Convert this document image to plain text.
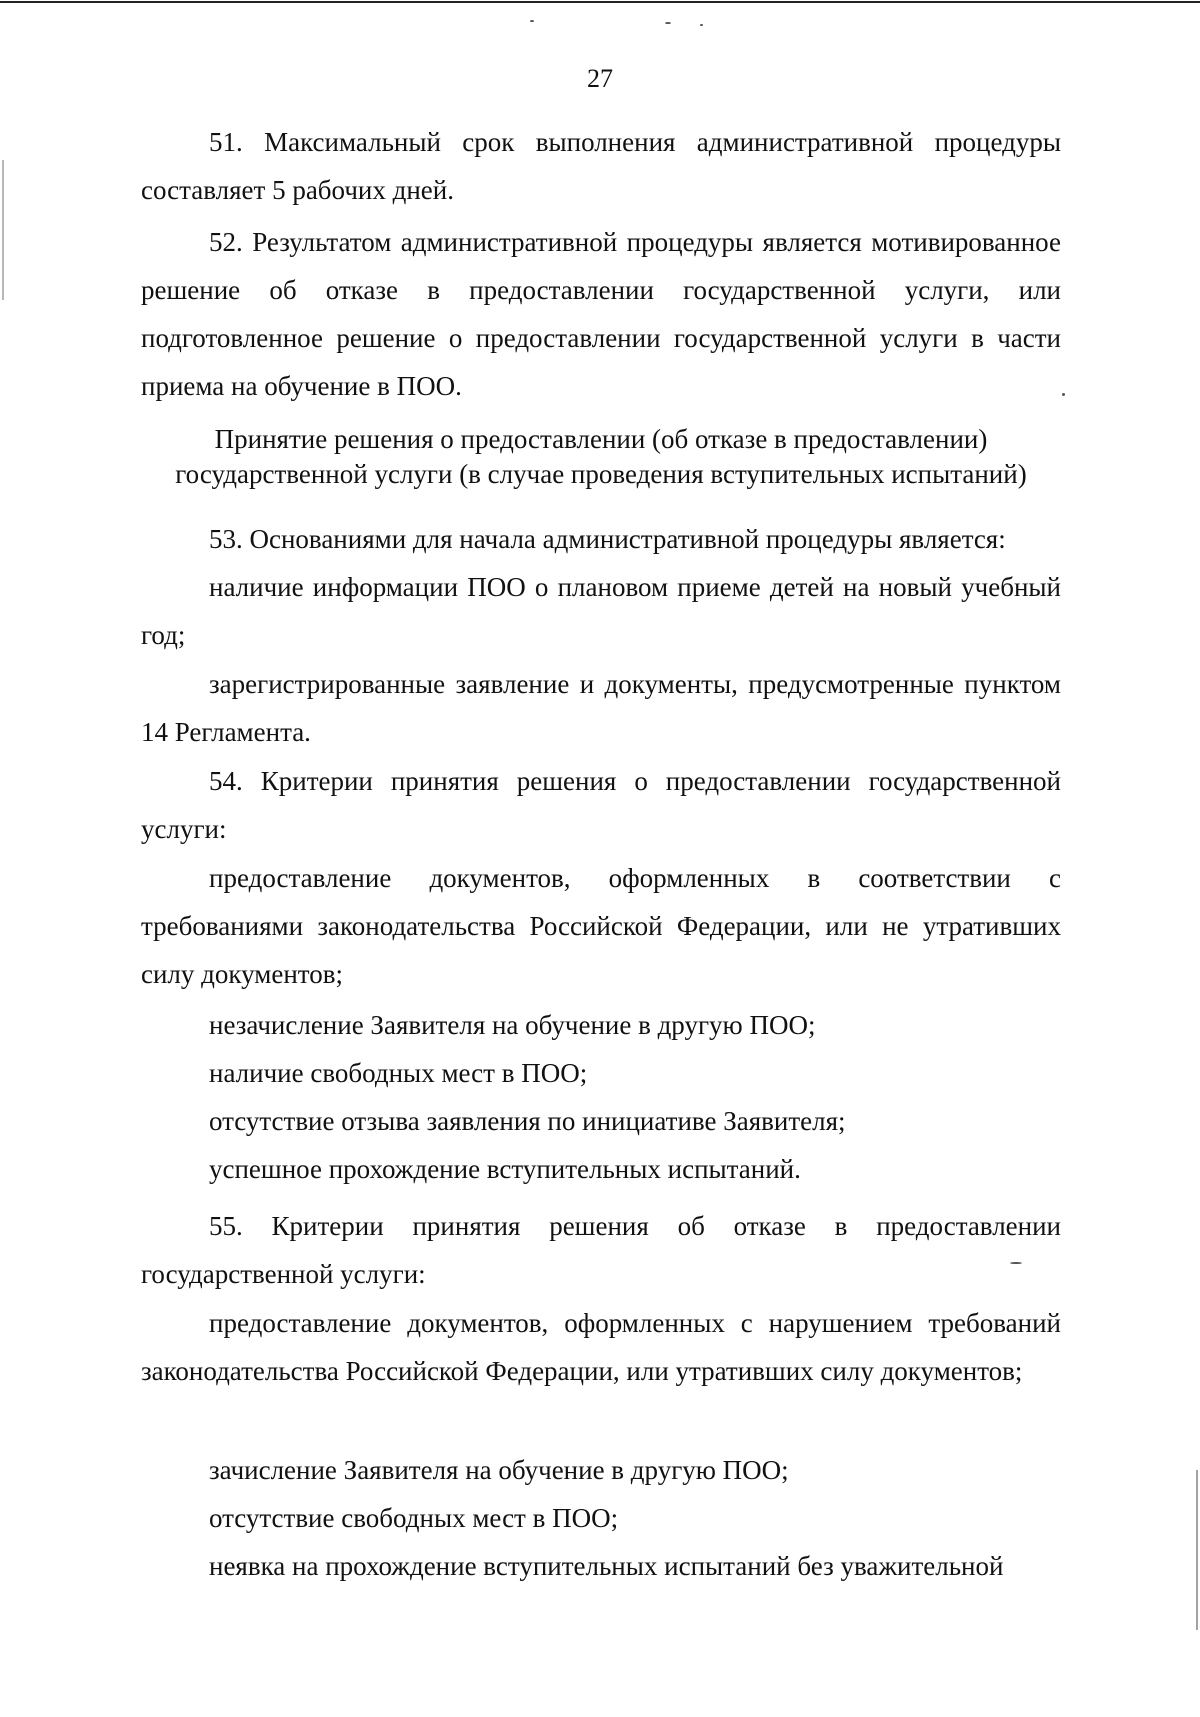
27

51. Максимальный срок выполнения административной процедуры составляет 5 рабочих дней.

52. Результатом административной процедуры является мотивированное решение об отказе в предоставлении государственной услуги, или подготовленное решение о предоставлении государственной услуги в части приема на обучение в ПОО.

Принятие решения о предоставлении (об отказе в предоставлении) государственной услуги (в случае проведения вступительных испытаний)

53. Основаниями для начала административной процедуры является:

наличие информации ПОО о плановом приеме детей на новый учебный год;

зарегистрированные заявление и документы, предусмотренные пунктом 14 Регламента.

54. Критерии принятия решения о предоставлении государственной услуги:

предоставление документов, оформленных в соответствии с требованиями законодательства Российской Федерации, или не утративших силу документов;

незачисление Заявителя на обучение в другую ПОО;

наличие свободных мест в ПОО;

отсутствие отзыва заявления по инициативе Заявителя;

успешное прохождение вступительных испытаний.

55. Критерии принятия решения об отказе в предоставлении государственной услуги:

предоставление документов, оформленных с нарушением требований законодательства Российской Федерации, или утративших силу документов;

зачисление Заявителя на обучение в другую ПОО;

отсутствие свободных мест в ПОО;

неявка на прохождение вступительных испытаний без уважительной
